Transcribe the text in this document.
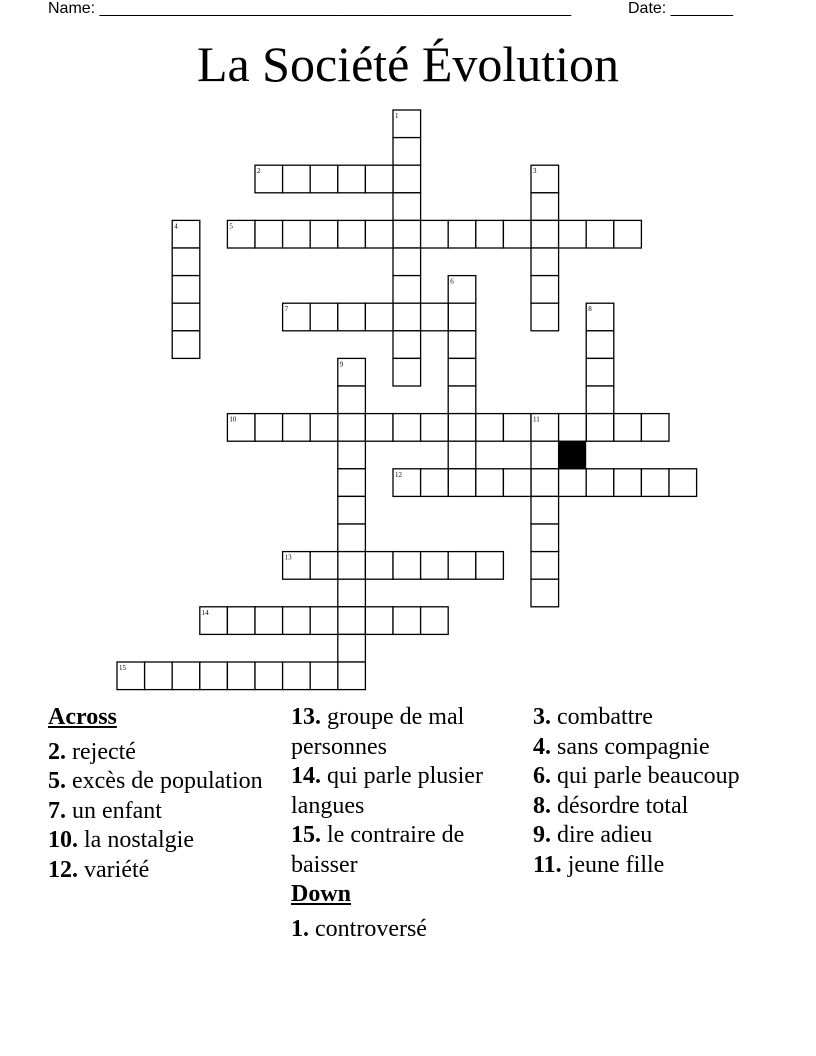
Name: _____________________________________________________	Date: _______
La Société Évolution
1
2	3
4	5
6
7	8
9
10	11
12
13
14
15
Across
2. rejecté
5. excès de population
7. un enfant
10. la nostalgie
12. variété
13. groupe de mal personnes
14. qui parle plusier langues
15. le contraire de baisser
Down
1. controversé
3. combattre
4. sans compagnie
6. qui parle beaucoup
8. désordre total
9. dire adieu
11. jeune fille
